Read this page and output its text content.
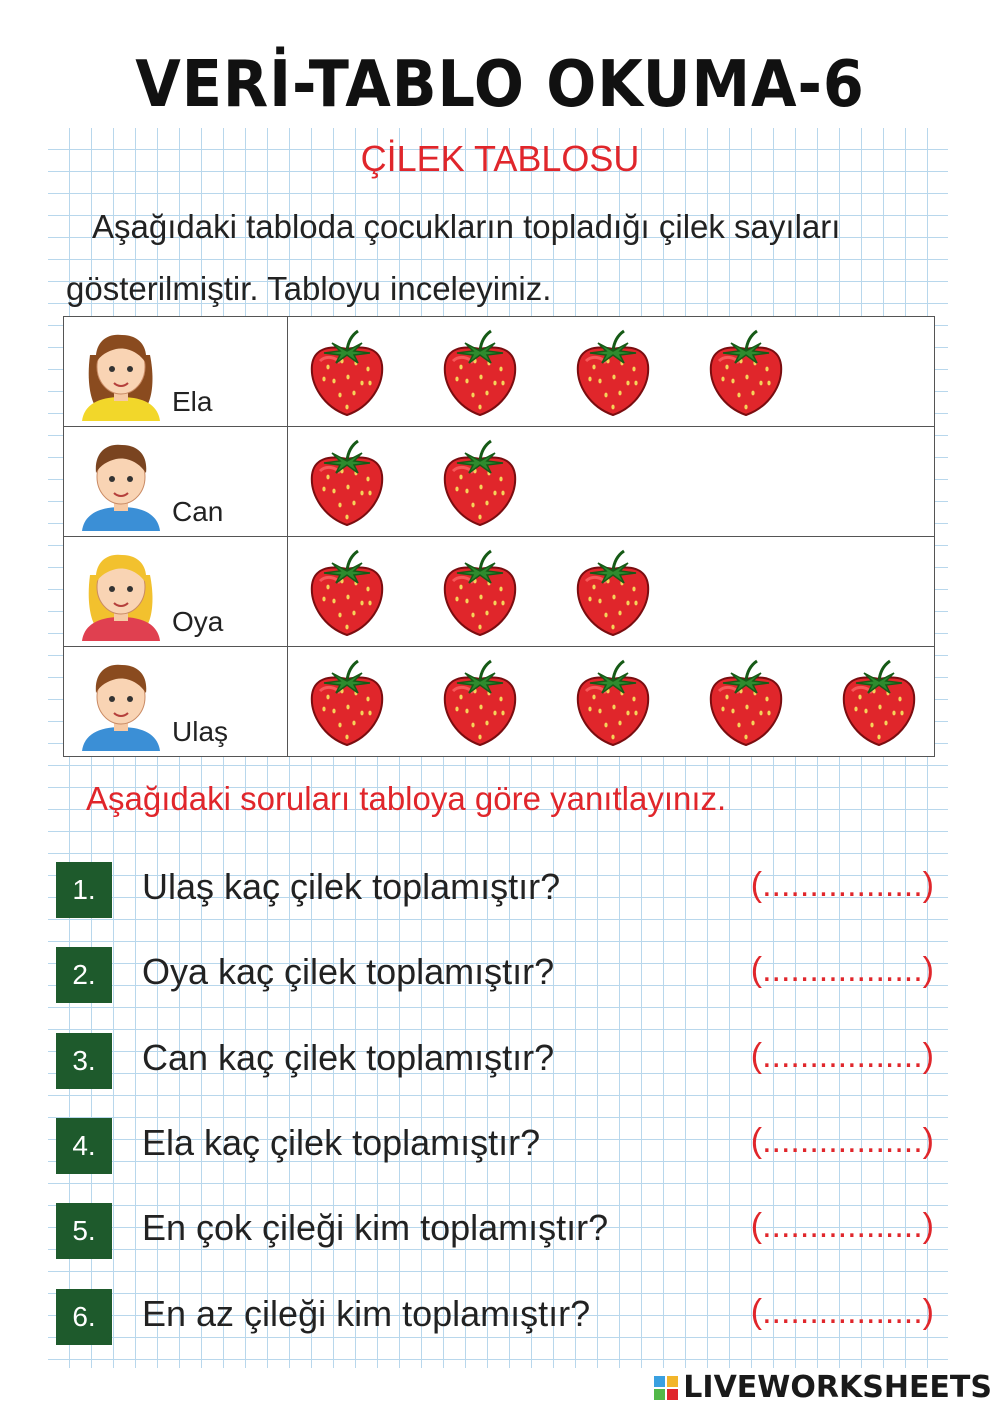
VERİ-TABLO OKUMA-6
ÇİLEK TABLOSU
Aşağıdaki tabloda çocukların topladığı çilek sayıları
gösterilmiştir. Tabloyu inceleyiniz.
Ela

Can

Oya

Ulaş

Aşağıdaki soruları tabloya göre yanıtlayınız.
1.	Ulaş kaç çilek toplamıştır?	(.................)
2.	Oya kaç çilek toplamıştır?	(.................)
3.	Can kaç çilek toplamıştır?	(.................)
4.	Ela kaç çilek toplamıştır?	(.................)
5.	En çok çileği kim toplamıştır?	(.................)
6.	En az çileği kim toplamıştır?	(.................)
LIVEWORKSHEETS
